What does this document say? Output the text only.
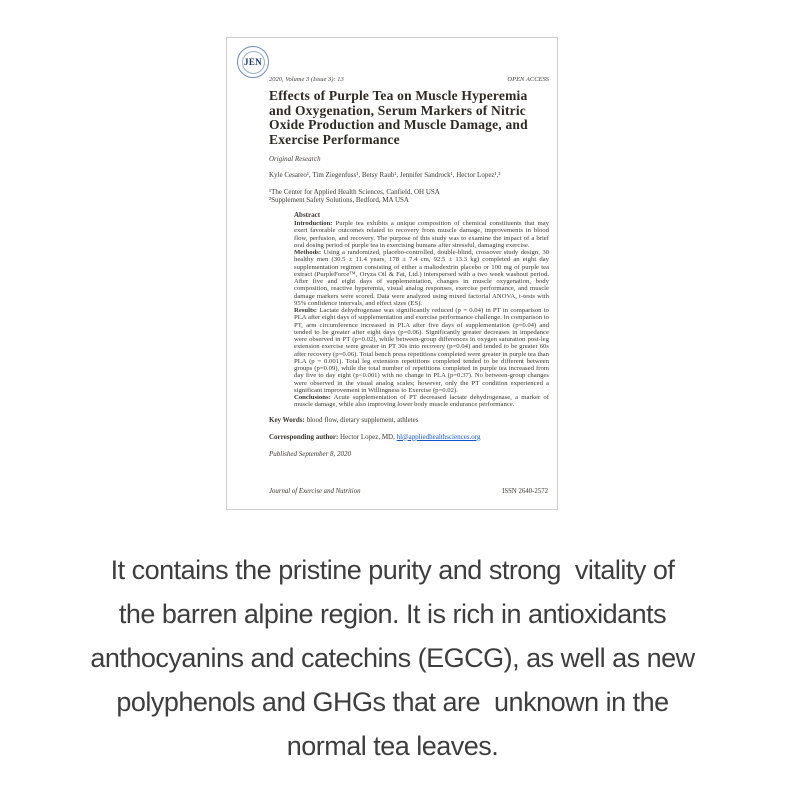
JEN
2020, Volume 3 (Issue 3): 13	OPEN ACCESS
Effects of Purple Tea on Muscle Hyperemia and Oxygenation, Serum Markers of Nitric Oxide Production and Muscle Damage, and Exercise Performance
Original Research
Kyle Cesareo¹, Tim Ziegenfuss¹, Betsy Raub¹, Jennifer Sandrock¹, Hector Lopez¹,²
¹The Center for Applied Health Sciences, Canfield, OH USA
²Supplement Safety Solutions, Bedford, MA USA
Abstract

Introduction: Purple tea exhibits a unique composition of chemical constituents that may exert favorable outcomes related to recovery from muscle damage, improvements in blood flow, perfusion, and recovery. The purpose of this study was to examine the impact of a brief oral dosing period of purple tea in exercising humans after stressful, damaging exercise.

Methods: Using a randomized, placebo-controlled, double-blind, crossover study design, 30 healthy men (30.5 ± 11.4 years, 178 ± 7.4 cm, 92.5 ± 13.3 kg) completed an eight day supplementation regimen consisting of either a maltodextrin placebo or 100 mg of purple tea extract (PurpleForce™, Oryza Oil & Fat, Ltd.) interspersed with a two week washout period. After five and eight days of supplementation, changes in muscle oxygenation, body composition, reactive hyperemia, visual analog responses, exercise performance, and muscle damage markers were scored. Data were analyzed using mixed factorial ANOVA, t-tests with 95% confidence intervals, and effect sizes (ES).

Results: Lactate dehydrogenase was significantly reduced (p = 0.04) in PT in comparison to PLA after eight days of supplementation and exercise performance challenge. In comparison to PT, arm circumference increased in PLA after five days of supplementation (p=0.04) and tended to be greater after eight days (p=0.06). Significantly greater decreases in impedance were observed in PT (p=0.02), while between-group differences in oxygen saturation post-leg extension exercise were greater in PT 30s into recovery (p=0.04) and tended to be greater 60s after recovery (p=0.06). Total bench press repetitions completed were greater in purple tea than PLA (p = 0.001). Total leg extension repetitions completed tended to be different between groups (p=0.09), while the total number of repetitions completed in purple tea increased from day five to day eight (p<0.001) with no change in PLA (p=0.37). No between-group changes were observed in the visual analog scales; however, only the PT condition experienced a significant improvement in Willingness to Exercise (p=0.02).

Conclusions: Acute supplementation of PT decreased lactate dehydrogenase, a marker of muscle damage, while also improving lower body muscle endurance performance.

Key Words: blood flow, dietary supplement, athletes
Corresponding author: Hector Lopez, MD, hl@appliedhealthsciences.org
Published September 8, 2020
Journal of Exercise and Nutrition	ISSN 2640-2572
It contains the pristine purity and strong  vitality of
the barren alpine region. It is rich in antioxidants
anthocyanins and catechins (EGCG), as well as new
polyphenols and GHGs that are  unknown in the
normal tea leaves.
